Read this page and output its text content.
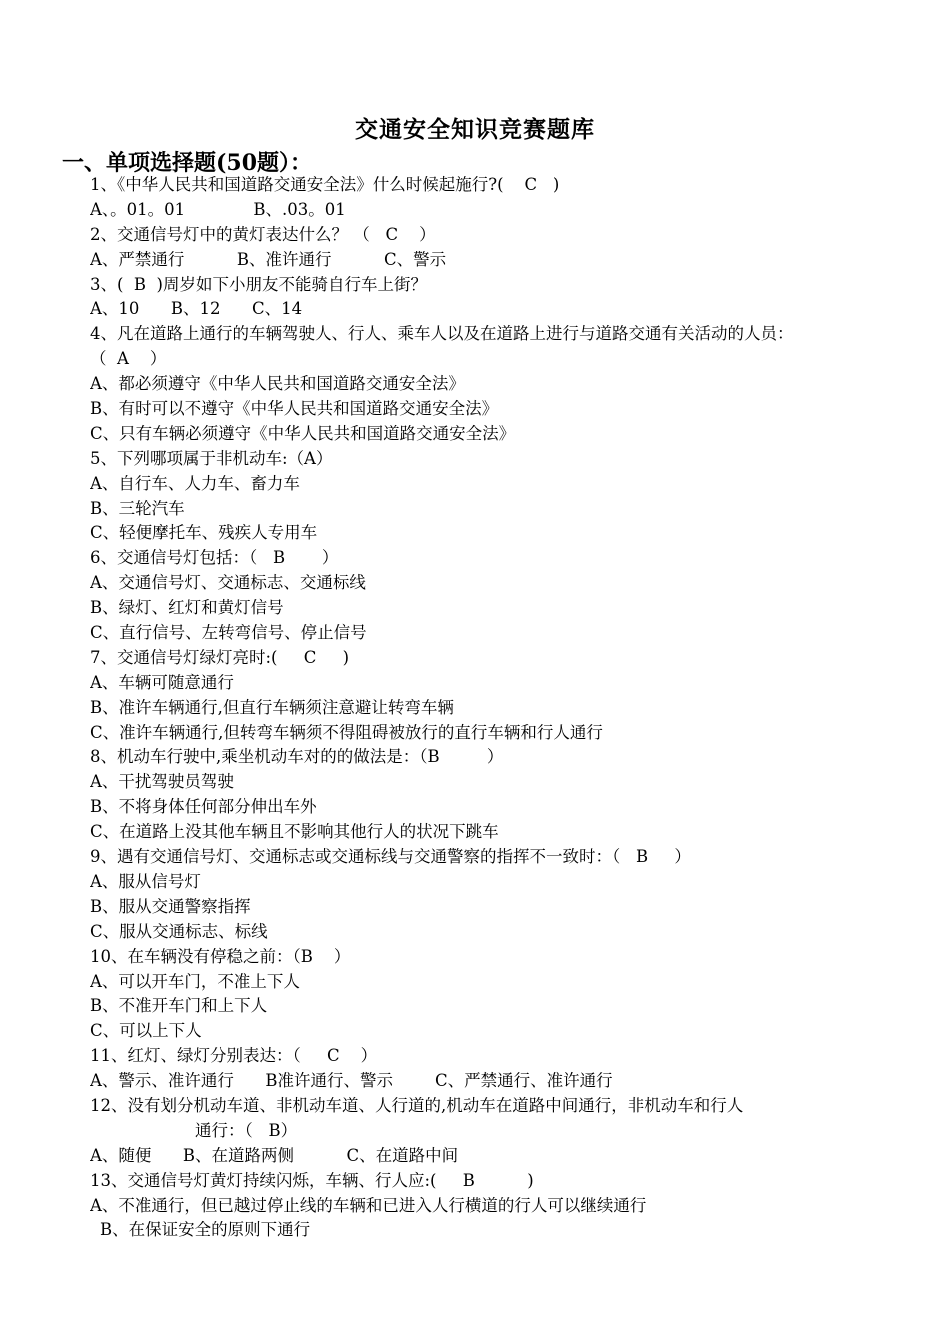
交通安全知识竞赛题库
一、单项选择题(50题）：
1、《中华人民共和国道路交通安全法》什么时候起施行?(    C   )
A、。01。01             B、.03。01
2、交通信号灯中的黄灯表达什么？ （   C    ）
A、严禁通行          B、准许通行          C、警示
3、(  B  )周岁如下小朋友不能骑自行车上街？
A、10      B、12      C、14
4、凡在道路上通行的车辆驾驶人、行人、乘车人以及在道路上进行与道路交通有关活动的人员：
（  A    ）
A、都必须遵守《中华人民共和国道路交通安全法》
B、有时可以不遵守《中华人民共和国道路交通安全法》
C、只有车辆必须遵守《中华人民共和国道路交通安全法》
5、下列哪项属于非机动车:（A）
A、自行车、人力车、畜力车
B、三轮汽车
C、轻便摩托车、残疾人专用车
6、交通信号灯包括：（   B       ）
A、交通信号灯、交通标志、交通标线
B、绿灯、红灯和黄灯信号
C、直行信号、左转弯信号、停止信号
7、交通信号灯绿灯亮时:(     C     )
A、车辆可随意通行
B、准许车辆通行,但直行车辆须注意避让转弯车辆
C、准许车辆通行,但转弯车辆须不得阻碍被放行的直行车辆和行人通行
8、机动车行驶中,乘坐机动车对的的做法是：（B         ）
A、干扰驾驶员驾驶
B、不将身体任何部分伸出车外
C、在道路上没其他车辆且不影响其他行人的状况下跳车
9、遇有交通信号灯、交通标志或交通标线与交通警察的指挥不一致时：（   B     ）
A、服从信号灯
B、服从交通警察指挥
C、服从交通标志、标线
10、在车辆没有停稳之前：（B    ）
A、可以开车门，不准上下人
B、不准开车门和上下人
C、可以上下人
11、红灯、绿灯分别表达：（     C    ）
A、警示、准许通行      B准许通行、警示        C、严禁通行、准许通行
12、没有划分机动车道、非机动车道、人行道的,机动车在道路中间通行，非机动车和行人
通行：（   B）
A、随便      B、在道路两侧          C、在道路中间
13、交通信号灯黄灯持续闪烁，车辆、行人应:(     B          )
A、不准通行，但已越过停止线的车辆和已进入人行横道的行人可以继续通行
B、在保证安全的原则下通行
